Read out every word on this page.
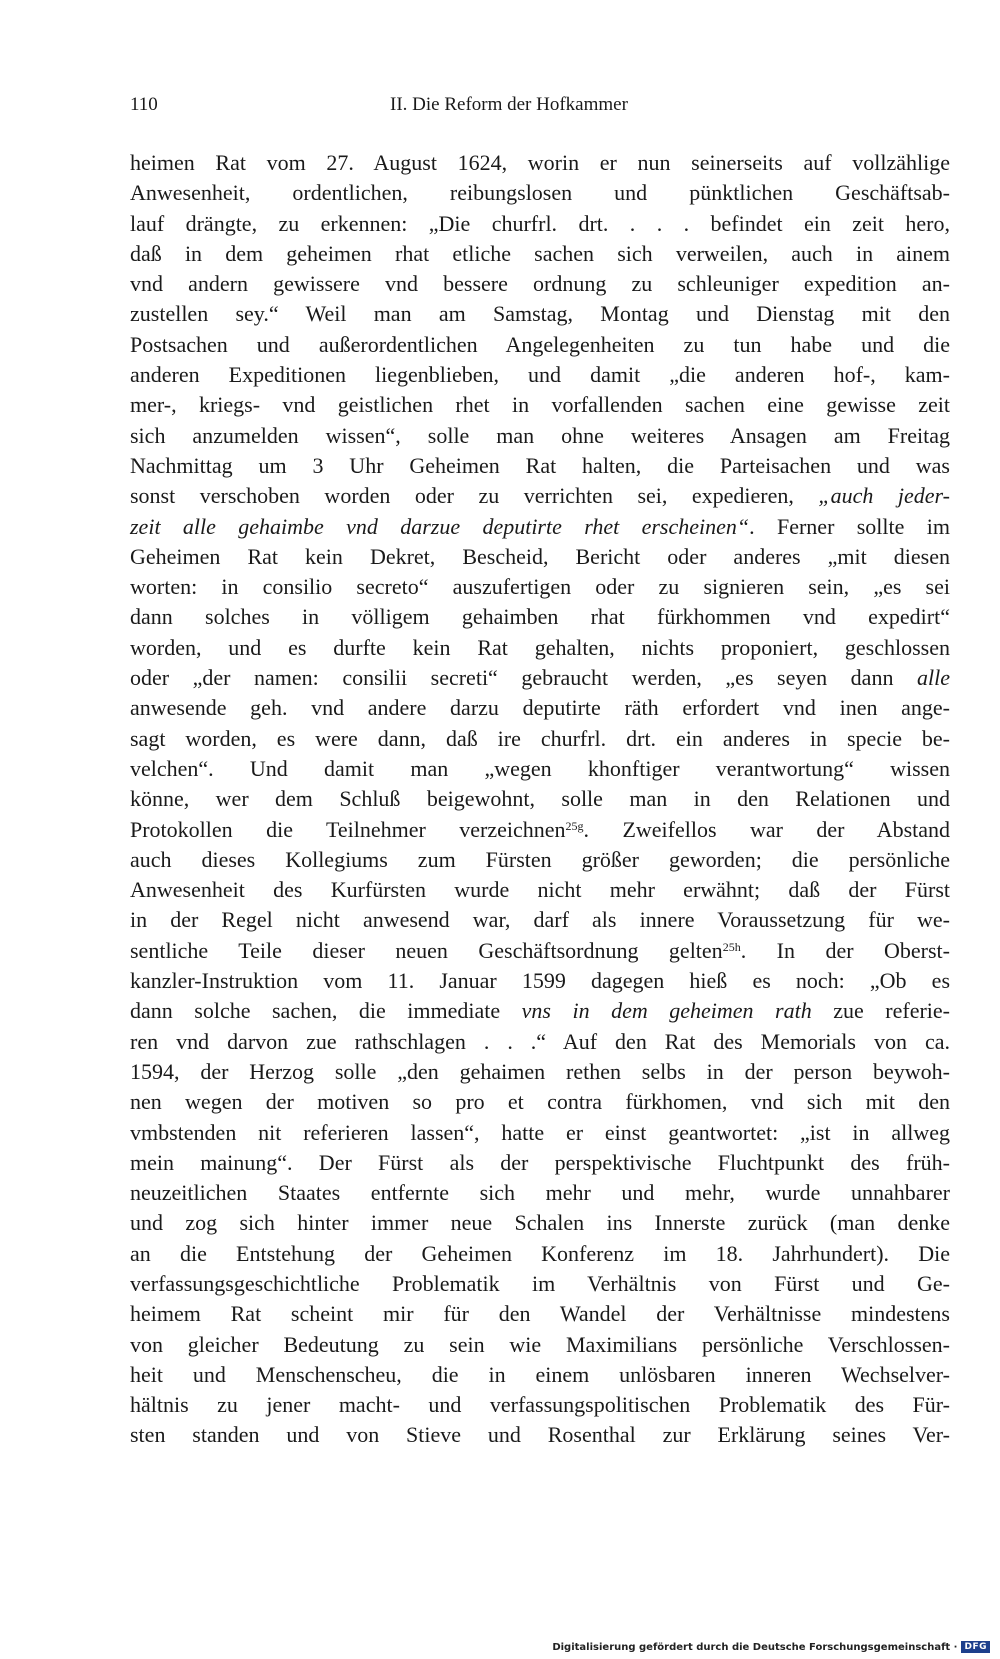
110	II. Die Reform der Hofkammer
heimen Rat vom 27. August 1624, worin er nun seinerseits auf vollzählige
Anwesenheit, ordentlichen, reibungslosen und pünktlichen Geschäftsab-
lauf drängte, zu erkennen: „Die churfrl. drt. . . . befindet ein zeit hero,
daß in dem geheimen rhat etliche sachen sich verweilen, auch in ainem
vnd andern gewissere vnd bessere ordnung zu schleuniger expedition an-
zustellen sey.“ Weil man am Samstag, Montag und Dienstag mit den
Postsachen und außerordentlichen Angelegenheiten zu tun habe und die
anderen Expeditionen liegenblieben, und damit „die anderen hof-, kam-
mer-, kriegs- vnd geistlichen rhet in vorfallenden sachen eine gewisse zeit
sich anzumelden wissen“, solle man ohne weiteres Ansagen am Freitag
Nachmittag um 3 Uhr Geheimen Rat halten, die Parteisachen und was
sonst verschoben worden oder zu verrichten sei, expedieren, „auch jeder-
zeit alle gehaimbe vnd darzue deputirte rhet erscheinen“. Ferner sollte im
Geheimen Rat kein Dekret, Bescheid, Bericht oder anderes „mit diesen
worten: in consilio secreto“ auszufertigen oder zu signieren sein, „es sei
dann solches in völligem gehaimben rhat fürkhommen vnd expedirt“
worden, und es durfte kein Rat gehalten, nichts proponiert, geschlossen
oder „der namen: consilii secreti“ gebraucht werden, „es seyen dann alle
anwesende geh. vnd andere darzu deputirte räth erfordert vnd inen ange-
sagt worden, es were dann, daß ire churfrl. drt. ein anderes in specie be-
velchen“. Und damit man „wegen khonftiger verantwortung“ wissen
könne, wer dem Schluß beigewohnt, solle man in den Relationen und
Protokollen die Teilnehmer verzeichnen$^{25g}$. Zweifellos war der Abstand
auch dieses Kollegiums zum Fürsten größer geworden; die persönliche
Anwesenheit des Kurfürsten wurde nicht mehr erwähnt; daß der Fürst
in der Regel nicht anwesend war, darf als innere Voraussetzung für we-
sentliche Teile dieser neuen Geschäftsordnung gelten$^{25h}$. In der Oberst-
kanzler-Instruktion vom 11. Januar 1599 dagegen hieß es noch: „Ob es
dann solche sachen, die immediate vns in dem geheimen rath zue referie-
ren vnd darvon zue rathschlagen . . .“ Auf den Rat des Memorials von ca.
1594, der Herzog solle „den gehaimen rethen selbs in der person beywoh-
nen wegen der motiven so pro et contra fürkhomen, vnd sich mit den
vmbstenden nit referieren lassen“, hatte er einst geantwortet: „ist in allweg
mein mainung“. Der Fürst als der perspektivische Fluchtpunkt des früh-
neuzeitlichen Staates entfernte sich mehr und mehr, wurde unnahbarer
und zog sich hinter immer neue Schalen ins Innerste zurück (man denke
an die Entstehung der Geheimen Konferenz im 18. Jahrhundert). Die
verfassungsgeschichtliche Problematik im Verhältnis von Fürst und Ge-
heimem Rat scheint mir für den Wandel der Verhältnisse mindestens
von gleicher Bedeutung zu sein wie Maximilians persönliche Verschlossen-
heit und Menschenscheu, die in einem unlösbaren inneren Wechselver-
hältnis zu jener macht- und verfassungspolitischen Problematik des Für-
sten standen und von Stieve und Rosenthal zur Erklärung seines Ver-
Digitalisierung gefördert durch die Deutsche Forschungsgemeinschaft · DFG
